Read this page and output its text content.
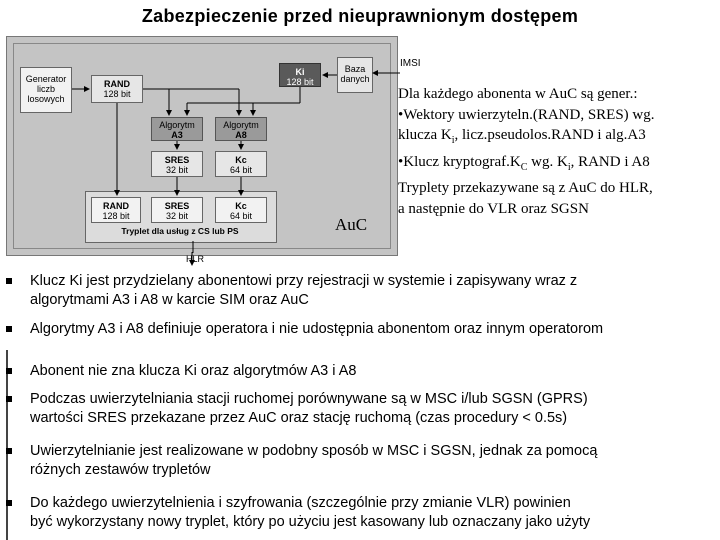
Zabezpieczenie przed nieuprawnionym dostępem
Generator
liczb
losowych
RAND
128 bit
Ki
128 bit
Baza
danych
Algorytm
A3
Algorytm
A8
SRES
32 bit
Kc
64 bit
RAND
128 bit
SRES
32 bit
Kc
64 bit
Tryplet dla usług z CS lub PS	AuC
IMSI
HLR
Dla każdego abonenta w AuC są gener.:
•Wektory uwierzyteln.(RAND, SRES) wg.
klucza $K_i$, licz.pseudolos.RAND i alg.A3
•Klucz $kryptograf.K_C$ wg. $K_i$, RAND i A8
Tryplety przekazywane są z AuC do HLR,
a następnie do VLR oraz SGSN
Klucz Ki jest przydzielany abonentowi przy rejestracji w systemie i zapisywany wraz z
algorytmami A3 i A8 w karcie SIM oraz AuC
Algorytmy A3 i A8 definiuje operatora i nie udostępnia abonentom oraz innym operatorom
Abonent nie zna klucza Ki oraz algorytmów A3 i A8
Podczas uwierzytelniania stacji ruchomej porównywane są w MSC i/lub SGSN (GPRS)
wartości SRES przekazane przez AuC oraz stację ruchomą (czas procedury < 0.5s)
Uwierzytelnianie jest realizowane w podobny sposób w MSC i SGSN, jednak za pomocą
różnych zestawów trypletów
Do każdego uwierzytelnienia i szyfrowania (szczególnie przy zmianie VLR) powinien
być wykorzystany nowy tryplet, który po użyciu jest kasowany lub oznaczany jako użyty
